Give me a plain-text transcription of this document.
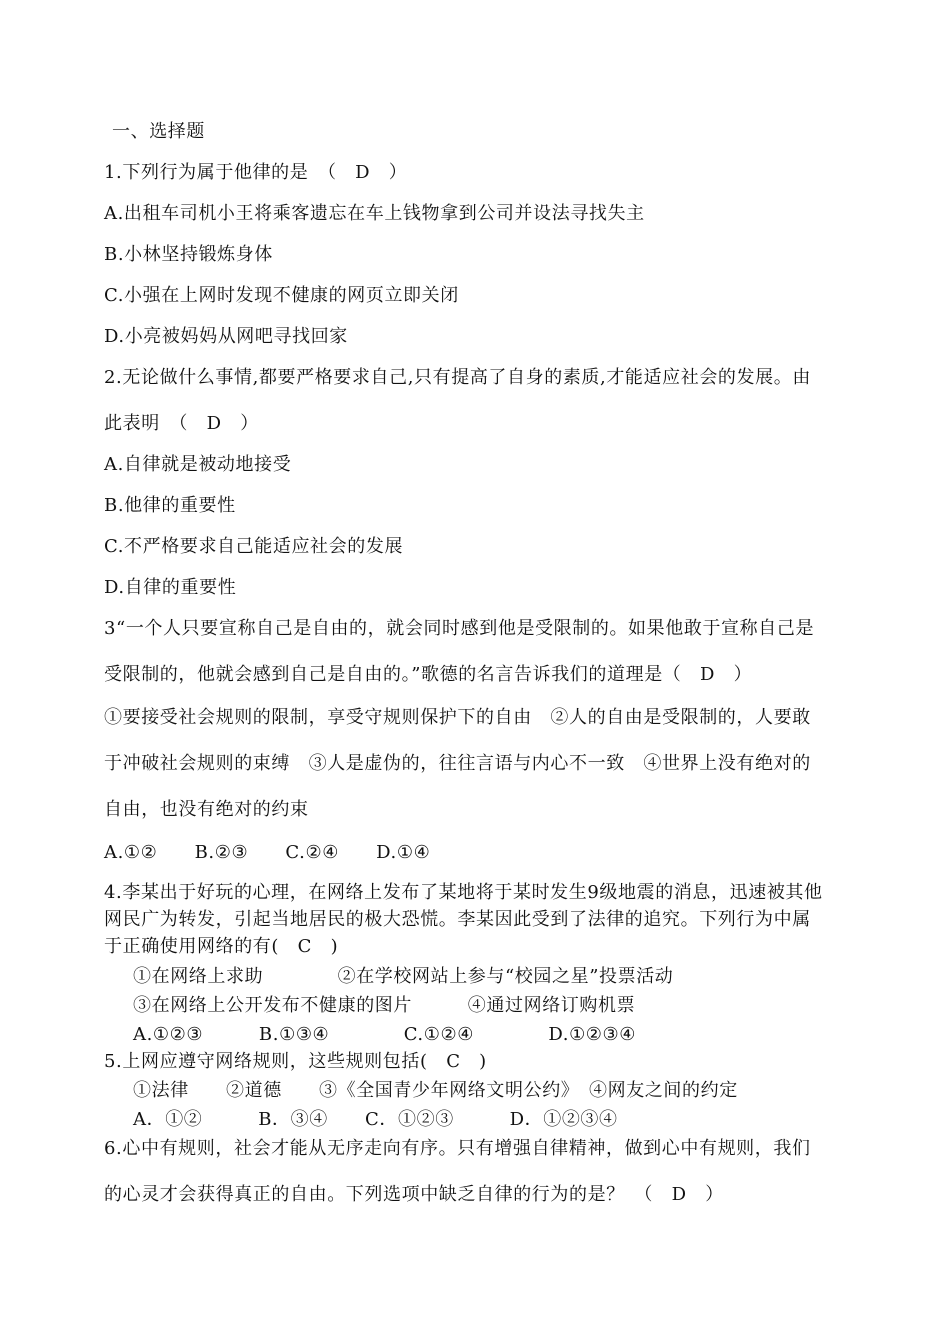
一、选择题
1.下列行为属于他律的是　（　D　）
A.出租车司机小王将乘客遗忘在车上钱物拿到公司并设法寻找失主
B.小林坚持锻炼身体
C.小强在上网时发现不健康的网页立即关闭
D.小亮被妈妈从网吧寻找回家
2.无论做什么事情,都要严格要求自己,只有提高了自身的素质,才能适应社会的发展。由
此表明　（　D　）
A.自律就是被动地接受
B.他律的重要性
C.不严格要求自己能适应社会的发展
D.自律的重要性
3“一个人只要宣称自己是自由的，就会同时感到他是受限制的。如果他敢于宣称自己是
受限制的，他就会感到自己是自由的。”歌德的名言告诉我们的道理是（　D　）
①要接受社会规则的限制，享受守规则保护下的自由　②人的自由是受限制的，人要敢
于冲破社会规则的束缚　③人是虚伪的，往往言语与内心不一致　④世界上没有绝对的
自由，也没有绝对的约束
A.①②　　B.②③　　C.②④　　D.①④
4.李某出于好玩的心理，在网络上发布了某地将于某时发生9级地震的消息，迅速被其他
网民广为转发，引起当地居民的极大恐慌。李某因此受到了法律的追究。下列行为中属
于正确使用网络的有(　C　)
①在网络上求助　　　　②在学校网站上参与“校园之星”投票活动
③在网络上公开发布不健康的图片　　　④通过网络订购机票
A.①②③　　　B.①③④　　　　C.①②④　　　　D.①②③④
5.上网应遵守网络规则，这些规则包括(　C　)
①法律　　②道德　　③《全国青少年网络文明公约》　④网友之间的约定
A．①②　　　B．③④　　C．①②③　　　D．①②③④
6.心中有规则，社会才能从无序走向有序。只有增强自律精神，做到心中有规则，我们
的心灵才会获得真正的自由。下列选项中缺乏自律的行为的是？　（　D　）
